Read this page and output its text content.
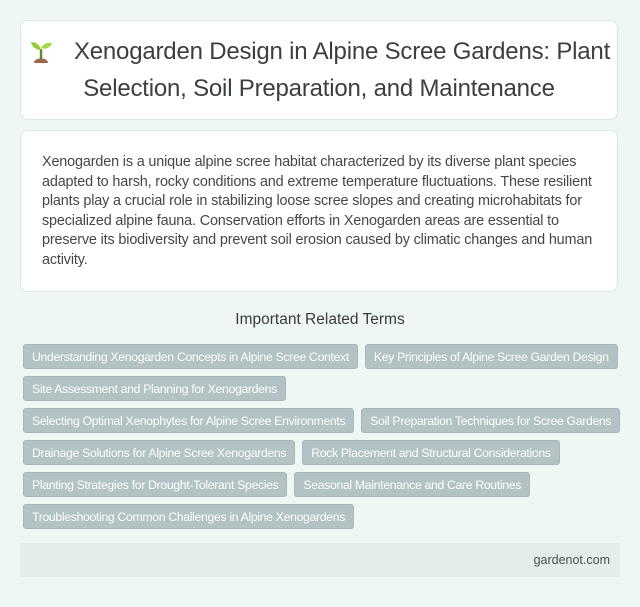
Xenogarden Design in Alpine Scree Gardens: Plant Selection, Soil Preparation, and Maintenance

Xenogarden is a unique alpine scree habitat characterized by its diverse plant species adapted to harsh, rocky conditions and extreme temperature fluctuations. These resilient plants play a crucial role in stabilizing loose scree slopes and creating microhabitats for specialized alpine fauna. Conservation efforts in Xenogarden areas are essential to preserve its biodiversity and prevent soil erosion caused by climatic changes and human activity.

Important Related Terms
Understanding Xenogarden Concepts in Alpine Scree Context	Key Principles of Alpine Scree Garden Design
Site Assessment and Planning for Xenogardens
Selecting Optimal Xenophytes for Alpine Scree Environments	Soil Preparation Techniques for Scree Gardens
Drainage Solutions for Alpine Scree Xenogardens	Rock Placement and Structural Considerations
Planting Strategies for Drought-Tolerant Species	Seasonal Maintenance and Care Routines
Troubleshooting Common Challenges in Alpine Xenogardens
gardenot.com
